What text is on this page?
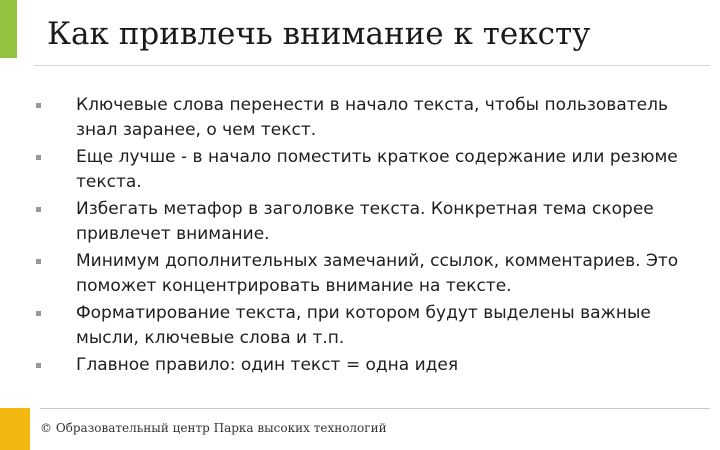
Как привлечь внимание к тексту
Ключевые слова перенести в начало текста, чтобы пользователь знал заранее, о чем текст.
Еще лучше - в начало поместить краткое содержание или резюме текста.
Избегать метафор в заголовке текста. Конкретная тема скорее привлечет внимание.
Минимум дополнительных замечаний, ссылок, комментариев. Это поможет концентрировать внимание на тексте.
Форматирование текста, при котором будут выделены важные мысли, ключевые слова и т.п.
Главное правило: один текст = одна идея
© Образовательный центр Парка высоких технологий
